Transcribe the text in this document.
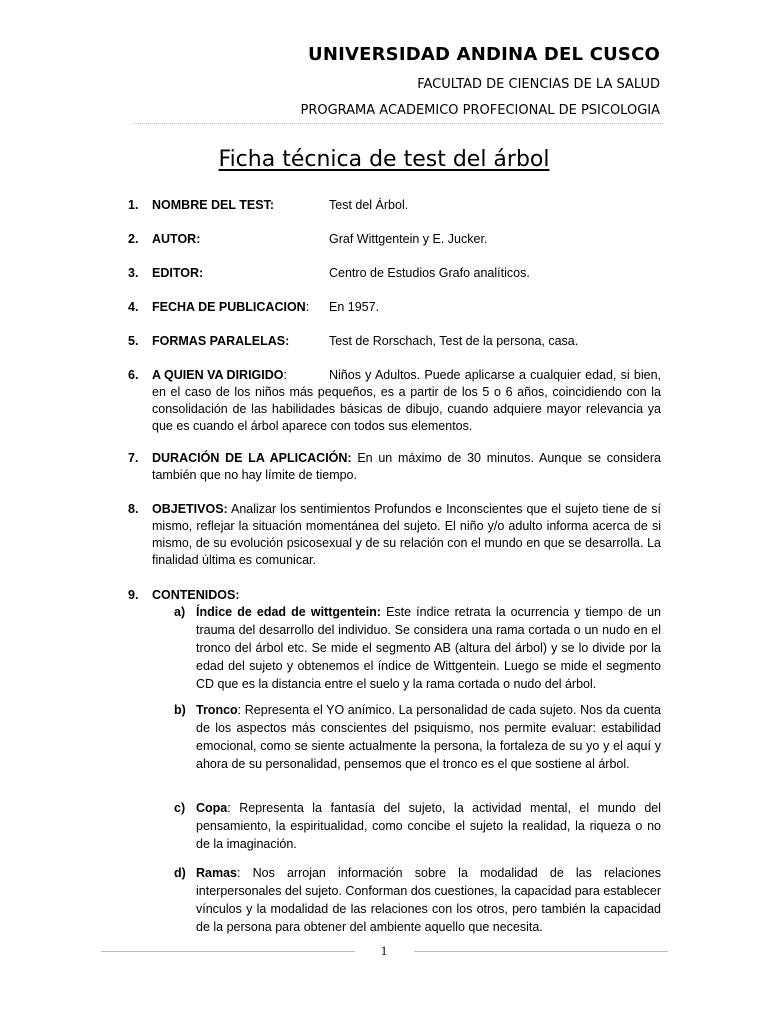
UNIVERSIDAD ANDINA DEL CUSCO
FACULTAD DE CIENCIAS DE LA SALUD
PROGRAMA ACADEMICO PROFECIONAL DE PSICOLOGIA
Ficha técnica de test del árbol
1. NOMBRE DEL TEST:	Test del Árbol.
2. AUTOR:	Graf Wittgentein y E. Jucker.
3. EDITOR:	Centro de Estudios Grafo analíticos.
4. FECHA DE PUBLICACION: En 1957.
5. FORMAS PARALELAS:	Test de Rorschach, Test de la persona, casa.
6. A QUIEN VA DIRIGIDO:	Niños y Adultos. Puede aplicarse a cualquier edad, si bien, en el caso de los niños más pequeños, es a partir de los 5 o 6 años, coincidiendo con la consolidación de las habilidades básicas de dibujo, cuando adquiere mayor relevancia ya que es cuando el árbol aparece con todos sus elementos.
7. DURACIÓN DE LA APLICACIÓN: En un máximo de 30 minutos. Aunque se considera también que no hay límite de tiempo.
8. OBJETIVOS: Analizar los sentimientos Profundos e Inconscientes que el sujeto tiene de sí mismo, reflejar la situación momentánea del sujeto. El niño y/o adulto informa acerca de si mismo, de su evolución psicosexual y de su relación con el mundo en que se desarrolla. La finalidad última es comunicar.
9. CONTENIDOS:
a) Índice de edad de wittgentein: Este índice retrata la ocurrencia y tiempo de un trauma del desarrollo del individuo. Se considera una rama cortada o un nudo en el tronco del árbol etc. Se mide el segmento AB (altura del árbol) y se lo divide por la edad del sujeto y obtenemos el índice de Wittgentein. Luego se mide el segmento CD que es la distancia entre el suelo y la rama cortada o nudo del árbol.
b) Tronco: Representa el YO anímico. La personalidad de cada sujeto. Nos da cuenta de los aspectos más conscientes del psiquismo, nos permite evaluar: estabilidad emocional, como se siente actualmente la persona, la fortaleza de su yo y el aquí y ahora de su personalidad, pensemos que el tronco es el que sostiene al árbol.
c) Copa: Representa la fantasía del sujeto, la actividad mental, el mundo del pensamiento, la espiritualidad, como concibe el sujeto la realidad, la riqueza o no de la imaginación.
d) Ramas: Nos arrojan información sobre la modalidad de las relaciones interpersonales del sujeto. Conforman dos cuestiones, la capacidad para establecer vínculos y la modalidad de las relaciones con los otros, pero también la capacidad de la persona para obtener del ambiente aquello que necesita.
1
